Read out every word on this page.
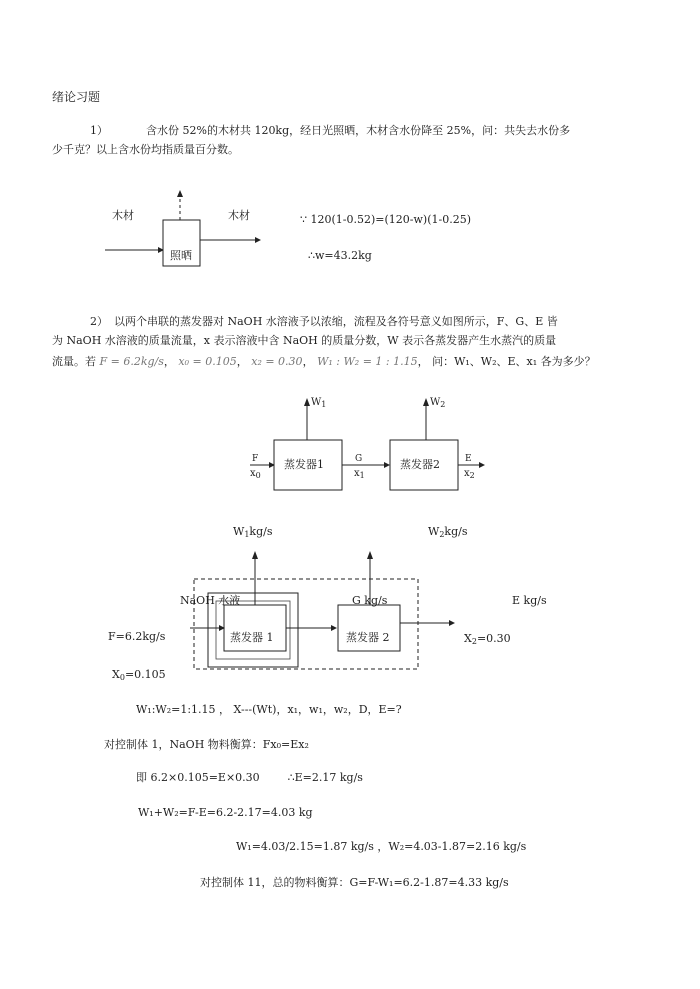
绪论习题
1）	含水份 52%的木材共 120kg，经日光照晒，木材含水份降至 25%，问：共失去水份多
少千克？以上含水份均指质量百分数。
木材	木材
照晒
∵ 120(1-0.52)=(120-w)(1-0.25)
∴w=43.2kg
2） 以两个串联的蒸发器对 NaOH 水溶液予以浓缩，流程及各符号意义如图所示，F、G、E 皆
为 NaOH 水溶液的质量流量，x 表示溶液中含 NaOH 的质量分数，W 表示各蒸发器产生水蒸汽的质量
流量。若 F = 6.2kg/s， x₀ = 0.105， x₂ = 0.30， W₁ : W₂ = 1 : 1.15， 问：W₁、W₂、E、x₁ 各为多少？
$W_1$	$W_2$
F
$x_0$
蒸发器1	G
$x_1$
蒸发器2	E
$x_2$
$W_1kg/s$	$W_2kg/s$
NaOH 水液	G kg/s	E kg/s
F=6.2kg/s	蒸发器 1	蒸发器 2	$X_2=0.30$
$X_0=0.105$
W₁:W₂=1:1.15 ， X---(Wt)，x₁，w₁，w₂，D，E=?
对控制体 1，NaOH 物料衡算：Fx₀=Ex₂
即 6.2×0.105=E×0.30	∴E=2.17 kg/s
W₁+W₂=F-E=6.2-2.17=4.03 kg
W₁=4.03/2.15=1.87 kg/s ，W₂=4.03-1.87=2.16 kg/s
对控制体 11，总的物料衡算：G=F-W₁=6.2-1.87=4.33 kg/s
